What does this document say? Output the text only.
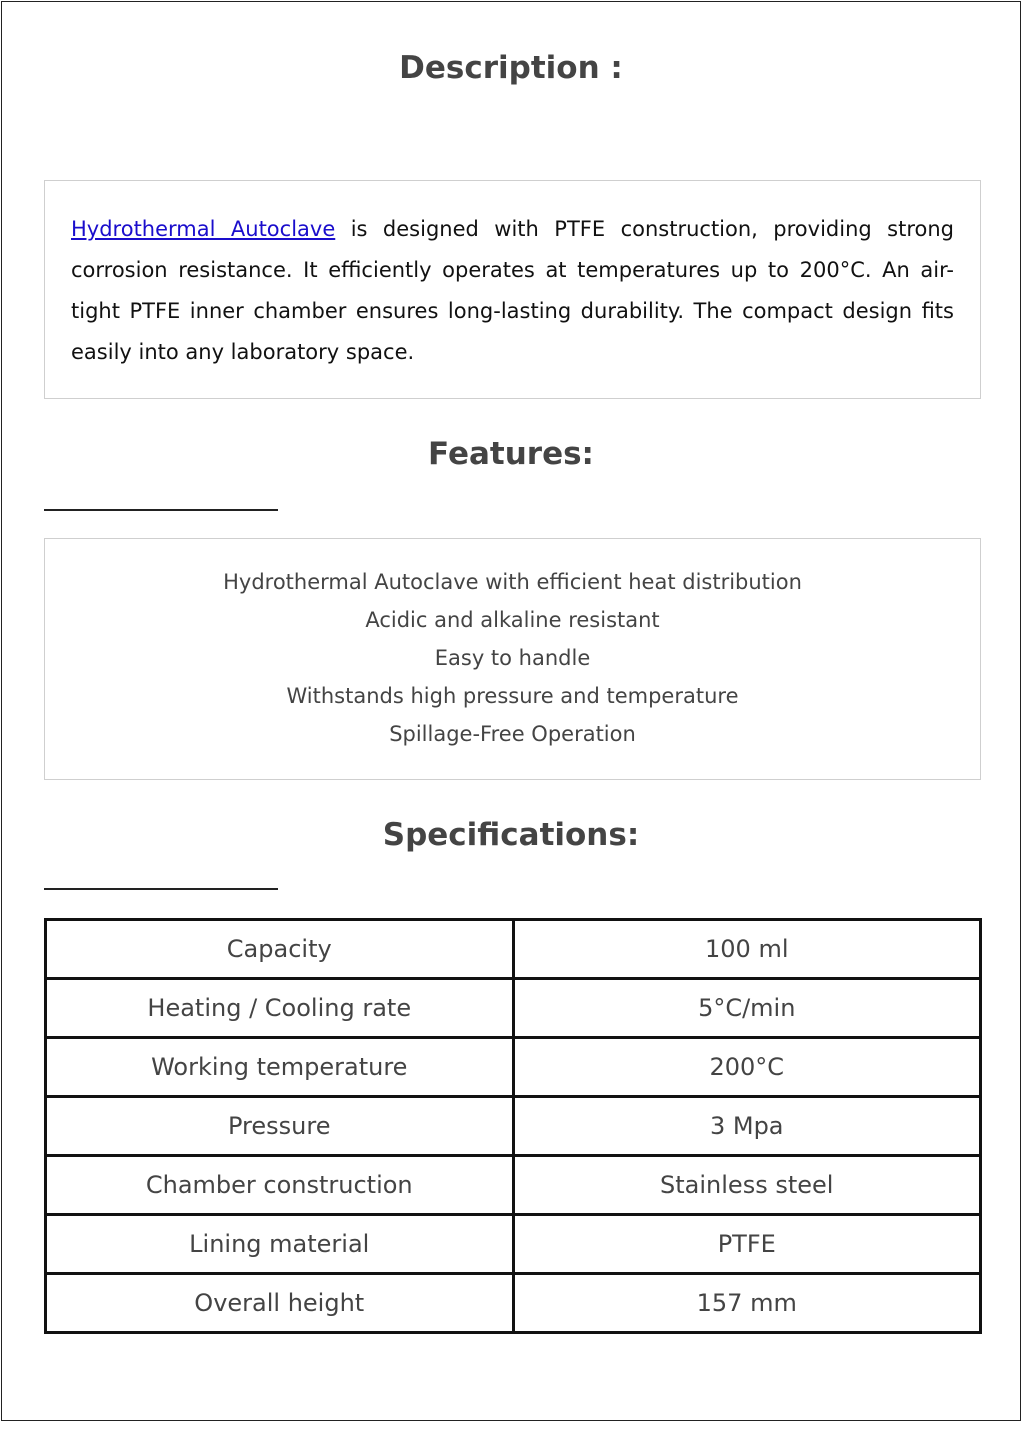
Description :

Hydrothermal Autoclave is designed with PTFE construction, providing strong corrosion resistance. It efficiently operates at temperatures up to 200°C. An air-tight PTFE inner chamber ensures long-lasting durability. The compact design fits easily into any laboratory space.

Features:
Hydrothermal Autoclave with efficient heat distribution
Acidic and alkaline resistant
Easy to handle
Withstands high pressure and temperature
Spillage-Free Operation
Specifications:
Capacity	100 ml
Heating / Cooling rate	5°C/min
Working temperature	200°C
Pressure	3 Mpa
Chamber construction	Stainless steel
Lining material	PTFE
Overall height	157 mm
